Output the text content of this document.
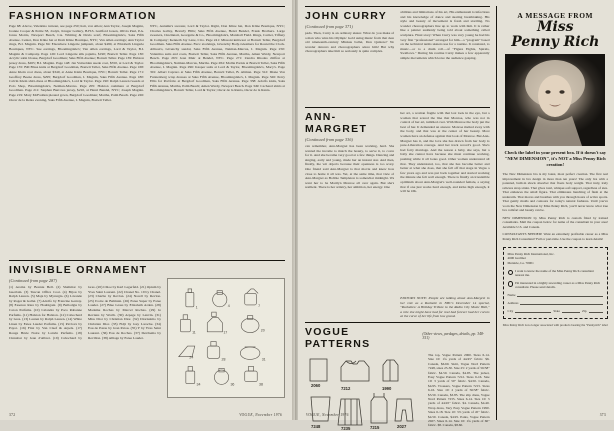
FASHION INFORMATION
Page 68: Above, Valentino turnout, see page 250; hair, von Allen; Ann Taylor, Joseph Magnin, Joanne Cooper & Petite 58, Joslyn, Kruger Gallery, B.H.S. Guilford Green, Olivia Paul, P.A. Jonas Motris, Newport Beach, CA. Whiting & Davis scarf, Bloomingdale's, Saks Fifth Avenue. Center, Don Kline hat at Dom Kline Boutique, NYC; Van Allen earrings; Ann Taylor rings, B.I. Magnin. Page 84: Elsewhere Lingerie jumpsuit, about $490, at Elizabeth Lingerie Boutiques, NYC. Sue earrings, Bloomingdale's; Van Allen earrings, Lord & Taylor, B.I. Magnin & Company. Page 126: Lord Lingerie silk pajama, $190; Bonwit Teller. Page 130: Acrylic satin blouse, Bergdorf Goodman; Saks Fifth Avenue; Bonwit Teller. Page 139: Halston jersey dress, $265; B.I. Magnin. Page 148: Jan Vanvelden suede coat, $550, at Lord & Taylor. Page 155: Bill Blass knits at Bergdorf Goodman, Bonwit Teller, Saks Fifth Avenue. Page 168: Anne Klein coat dress, about $340, at Anne Klein Boutique, NYC; Bonwit Teller. Page 171: Geoffrey Beene dress, $295; Bergdorf Goodman, I. Magnin, Saks Fifth Avenue. Page 180: Calvin Klein shirt-dress at Bloomingdale's, Lord & Taylor. Page 190: Ralph Lauren tweeds at Polo Shop, Bloomingdale's, Neiman-Marcus. Page 205: Halston cashmere at Bergdorf Goodman. Page 211: Stephen Burrows jersey, $210, at Henri Bendel, NYC; Joseph Magnin. Page 219: Mary McFadden pleated gown, Bergdorf Goodman; Martha, Palm Beach. Page 226: Oscar de la Renta evening, Saks Fifth Avenue, I. Magnin, Bonwit Teller.
NYC, Autumn's sweater, Lord & Taylor. Right, Don Kline hat, Don Kline Boutique, NYC; Charles Gallay, Beverly Hills; Saks Fifth Avenue, Henri Bendel, Frank Brothers. Large sweaters, Cinzinnati, Georgette & Co., Bloomingdale's, Marshall Field. Rings, Cartier, Tiffany & Company; Kenneth Jay Lane, Ciro. Page 241: Missoni knitwear at Bonwit Teller, Bergdorf Goodman. Saks Fifth Avenue. Furs: stockings, Givenchy Body-Gleamers for Round the Clock. Allison's, Givenchy sandal, Saks Fifth Avenue, Neiman-Marcus, I. Magnin. Page 250: Valentino suits and coats, Bonwit Teller, Saks Fifth Avenue, Martha, Amen Wardy, Newport Beach. Page 263: Jean Muir at Bendel, NYC. Page 271: Zandra Rhodes chiffon at Bloomingdale's, Neiman-Marcus, Martha. Page 284: Mollie Parnis at Bonwit Teller, Saks Fifth Avenue, I. Magnin. Page 296: Kasper suits at Lord & Taylor, Bloomingdale's, Macy's. Page 301: Albert Capraro at Saks Fifth Avenue, Bonwit Teller, B. Altman. Page 312: Diane Von Furstenberg wrap dresses at Saks Fifth Avenue, Bloomingdale's, I. Magnin. Page 326: Perry Ellis for Portfolio at Bergdorf Goodman, Saks Fifth Avenue. Page 338: Adolfo knits, Saks Fifth Avenue, Martha, Palm Beach; Amen Wardy, Newport Beach. Page 349: Cacharel shirts at Bloomingdale's, Bonwit Teller, Lord & Taylor; Oscar de la Renta, Oscar de la Renta.
INVISIBLE ORNAMENT

(Continued from page 287)

(1) Aroma by Bonnie Bell. (2) Shalimar by Guerlain. (3) Tuscan Office Coat. (4) Bijou by Ralph Lauren. (5) Maja by Myrurgia. (6) Lavande by Roger & Gallet. (7) Adolfo by Francine Gernay. (8) Essence Rare by Houbigant. (9) Bellodgia by Caron Parfums. (10) Calandre by Paco Rabanne Parfums. (11) Halston for Halston. (12) Cabochard by Gres. (13) Lauren by Ralph Lauren. (14) White Linen by Estee Lauder Parfums. (15) Pavlova by Payot. (16) First by Van Cleef & Arpels. (17) Rouge Brule Noire by Lanvin Parfums. (18) Cinnabar by Jean d'Albret. (19) Cabochard by Gres. (20) Chloe by Karl Lagerfeld. (21) Opium by Yves Saint Laurent. (22) Chanel No. 19 by Chanel. (23) Charlie by Revlon. (24) Norell by Revlon. (25) Ivoire de Balmain. (26) Estee Super by Estee Lauder. (27) Blue Grass by Elizabeth Arden. (28) Madame Rochas by Marcel Rochas. (29) Je Reviens by Worth. (30) Arpege by Lanvin. (31) Miss Dior by Christian Dior. (32) Diorissimo by Christian Dior. (33) Fidji by Guy Laroche. (34) Eau de Patou by Jean Patou. (35) Y by Yves Saint Laurent. (36) Eau de Rochas. (37) Detchema by Revillon. (38) Alliage by Estee Lauder.
1	4	7
11	17	20
24	28	31
34	36	38
372	VOGUE, November 1976
JOHN CURRY

(Continued from page 371)

pads. Then, Curry is an ordinary skater. What do you make of a man who wins his Olympic Gold using music from that dear old nineteenth-century Minkus ballet, Don Quixote? No wonder dancers and choreographers adore him! But why choreographers take him so seriously is quite complex.
abilities and limitations of his art, His enthusiasm is infectious and his knowledge of dance and skating breathtaking. His style and beauty of movement is fresh and startling. No wonder choreographers line up to work with him. It is rather like a painter suddenly being told about something called sculpture. Final story: When Curry was very young he had his very first "professional" arranged for him—a "program" based on the technical terms skaters use for a routine. It consisted, to music—or to a drum roll—of "Figure Eights, Spirals, Swallows." During his routine Curry makes a few apparently simple movements which leave the audience gasping.
ANN-MARGRET

(Continued from page 336)

can remember, Ann-Margret has been working, hard. She wanted the income to match the beauty, to serve it, to cover for it. And she became very good at a few things. Dancing and singing, early and young, made her an instant star. And then, finally, the wit objects because their openness is too scary. One friend said Ann-Margret is that movie and knew how close to home it all was. Yet, at the same time, that view of Ann-Margret as Bobbie Templeton is somewhat midnight. We want her to be Marilyn Monroe all over again. But she's resilient. There is her artistry, her ambition, her energy. One
her art, a woman fragile with that lost look in the eye, but a woman that scared the line that Monroe, who was not in control of her art, tumbled over. With Monroe the body put the best of her. It demanded an answer. Monroe melted away with the body, and that was at the center of her beauty. Most women have an defense against that look of Monroe. But Ann-Margret has it, and the love she has drawn from her body is pure-Liberation courage. And her track record's good. She's had forty marriage. And the reason a baby, she says, but a baby she cannot have because she must continue working, pushing while it all looks good. Other women understand all that. They understand, too, that she has become better and better at what she does, that she fell off that stage in Vegas a few years ago and was put back together and started working the minute she felt well enough. There is finally an irresistible optimism about Ann-Margret's well-rounded female, a saying that if one just works hard enough, and kicks high enough, it will be OK.
EDITOR'S NOTE: People are talking about Ann-Margret in her role as a Rockette in NBC's December 14 special, "Rockettes: A Holiday Tribute to the Radio City Music Hall," a role she might have had for real had forever had her curves at the curve of her life from low grand.
VOGUE PATTERNS
(Other views, yardages, details, pp. 348-351)
2060
7212	1990
7248	7235	7215	2027
The top, Vogue Pattern 2060. Sizes 6-14. Size 10: 1¾ yards of 44/45" fabric. $6. Canada, $6.60. Skirt, Vogue Nord Pattern 7248, sizes 23-30. Size 25: 2 yards of 56/58" fabric. $4.50. Canada, $4.95. The jacket, Easy Vogue Pattern 7212. Sizes 6-16. Size 10: 3 yards of 50" fabric. $4.50. Canada, $4.95. Trousers, Vogue Pattern 7215. Sizes 6-16. Size 10: 2 yards of 56/58" fabric. $3.50. Canada, $3.85. The slip dress, Vogue Nord Pattern 7235. Sizes 6-14. Size 10: 3 yards of 44/45" fabric. $4. Canada, $4.40. Wrap dress, Very Easy Vogue Pattern 1990. Sizes 6-18. Size 10: 3⅞ yards of 45" fabric. $4.50. Canada, $4.95. Pants, Vogue Pattern 2027. Sizes 6-14. Size 10: 1¾ yards of 60" fabric. $8. Canada, $8.60.
A MESSAGE FROM
Miss
Penny Rich
Check the label in your present bra. If it doesn't say "NEW DIMENSION", it's NOT a Miss Penny Rich creation!

The New Dimension bra is my latest, most perfect creation. The first real improvement in bra design in more than ten years! The only bra with a patented, built-in shock absorber that floats body weight. That truly, truly relieves strap strain. That gives total, whisper-soft support, regardless of size. That enhances the small figure. That eliminates bunching of flesh at the underarm. That moves and breathes with you through hours of active sports. That gently molds and contours for today's natural fashions. Until you've worn the New Dimension by Miss Penny Rich, you'll never know what true bra comfort and beauty can be.

NEW DIMENSION by Miss Penny Rich is custom fitted by trained consultants. Mail the coupon below for name of the consultant in your area! Available U.S. and Canada.

CONSULTANTS NEEDED! Want an extremely profitable career as a Miss Penny Rich Consultant? Full or part-time. Use the coupon to learn details!

Miss Penny Rich International, Inc.
4600 Grelmot
Metairie, La. 70001

I want to know the name of the Miss Penny Rich consultant nearest me.
I'm interested in a highly rewarding career as a Miss Penny Rich consultant. Please send details.
Name
Address
City	State	Zip
Miss Penny Rich is no longer associated with products bearing the "Pennyrich" label
VOGUE, November 1976	373
